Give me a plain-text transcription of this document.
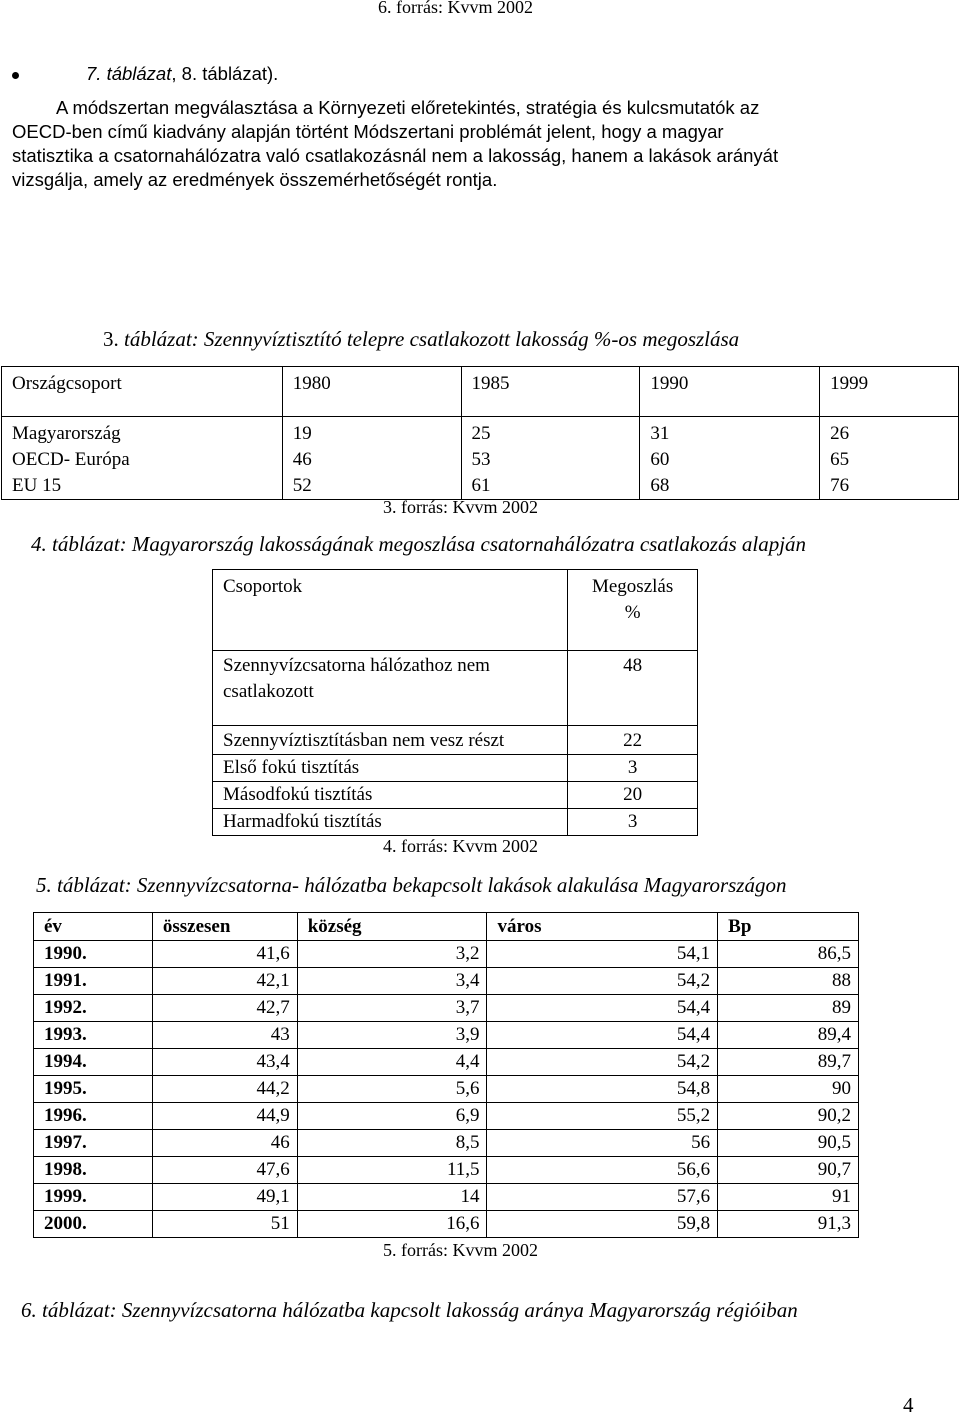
6. forrás: Kvvm 2002
7. táblázat, 8. táblázat).
A módszertan megválasztása a Környezeti előretekintés, stratégia és kulcsmutatók az
OECD-ben című kiadvány alapján történt Módszertani problémát jelent, hogy a magyar
statisztika a csatornahálózatra való csatlakozásnál nem a lakosság, hanem a lakások arányát
vizsgálja, amely az eredmények összemérhetőségét rontja.
3. táblázat: Szennyvíztisztító telepre csatlakozott lakosság %-os megoszlása
Országcsoport	1980	1985	1990	1999
Magyarország	19	25	31	26
OECD- Európa	46	53	60	65
EU 15	52	61	68	76
3. forrás: Kvvm 2002
4. táblázat: Magyarország lakosságának megoszlása csatornahálózatra csatlakozás alapján
Csoportok	Megoszlás
%

Szennyvízcsatorna hálózathoz nem
csatlakozott	48
Szennyvíztisztításban nem vesz részt	22
Első fokú tisztítás	3
Másodfokú tisztítás	20
Harmadfokú tisztítás	3
4. forrás: Kvvm 2002
5. táblázat: Szennyvízcsatorna- hálózatba bekapcsolt lakások alakulása Magyarországon
év	összesen	község	város	Bp
1990.	41,6	3,2	54,1	86,5
1991.	42,1	3,4	54,2	88
1992.	42,7	3,7	54,4	89
1993.	43	3,9	54,4	89,4
1994.	43,4	4,4	54,2	89,7
1995.	44,2	5,6	54,8	90
1996.	44,9	6,9	55,2	90,2
1997.	46	8,5	56	90,5
1998.	47,6	11,5	56,6	90,7
1999.	49,1	14	57,6	91
2000.	51	16,6	59,8	91,3
5. forrás: Kvvm 2002
6. táblázat: Szennyvízcsatorna hálózatba kapcsolt lakosság aránya Magyarország régióiban
4
